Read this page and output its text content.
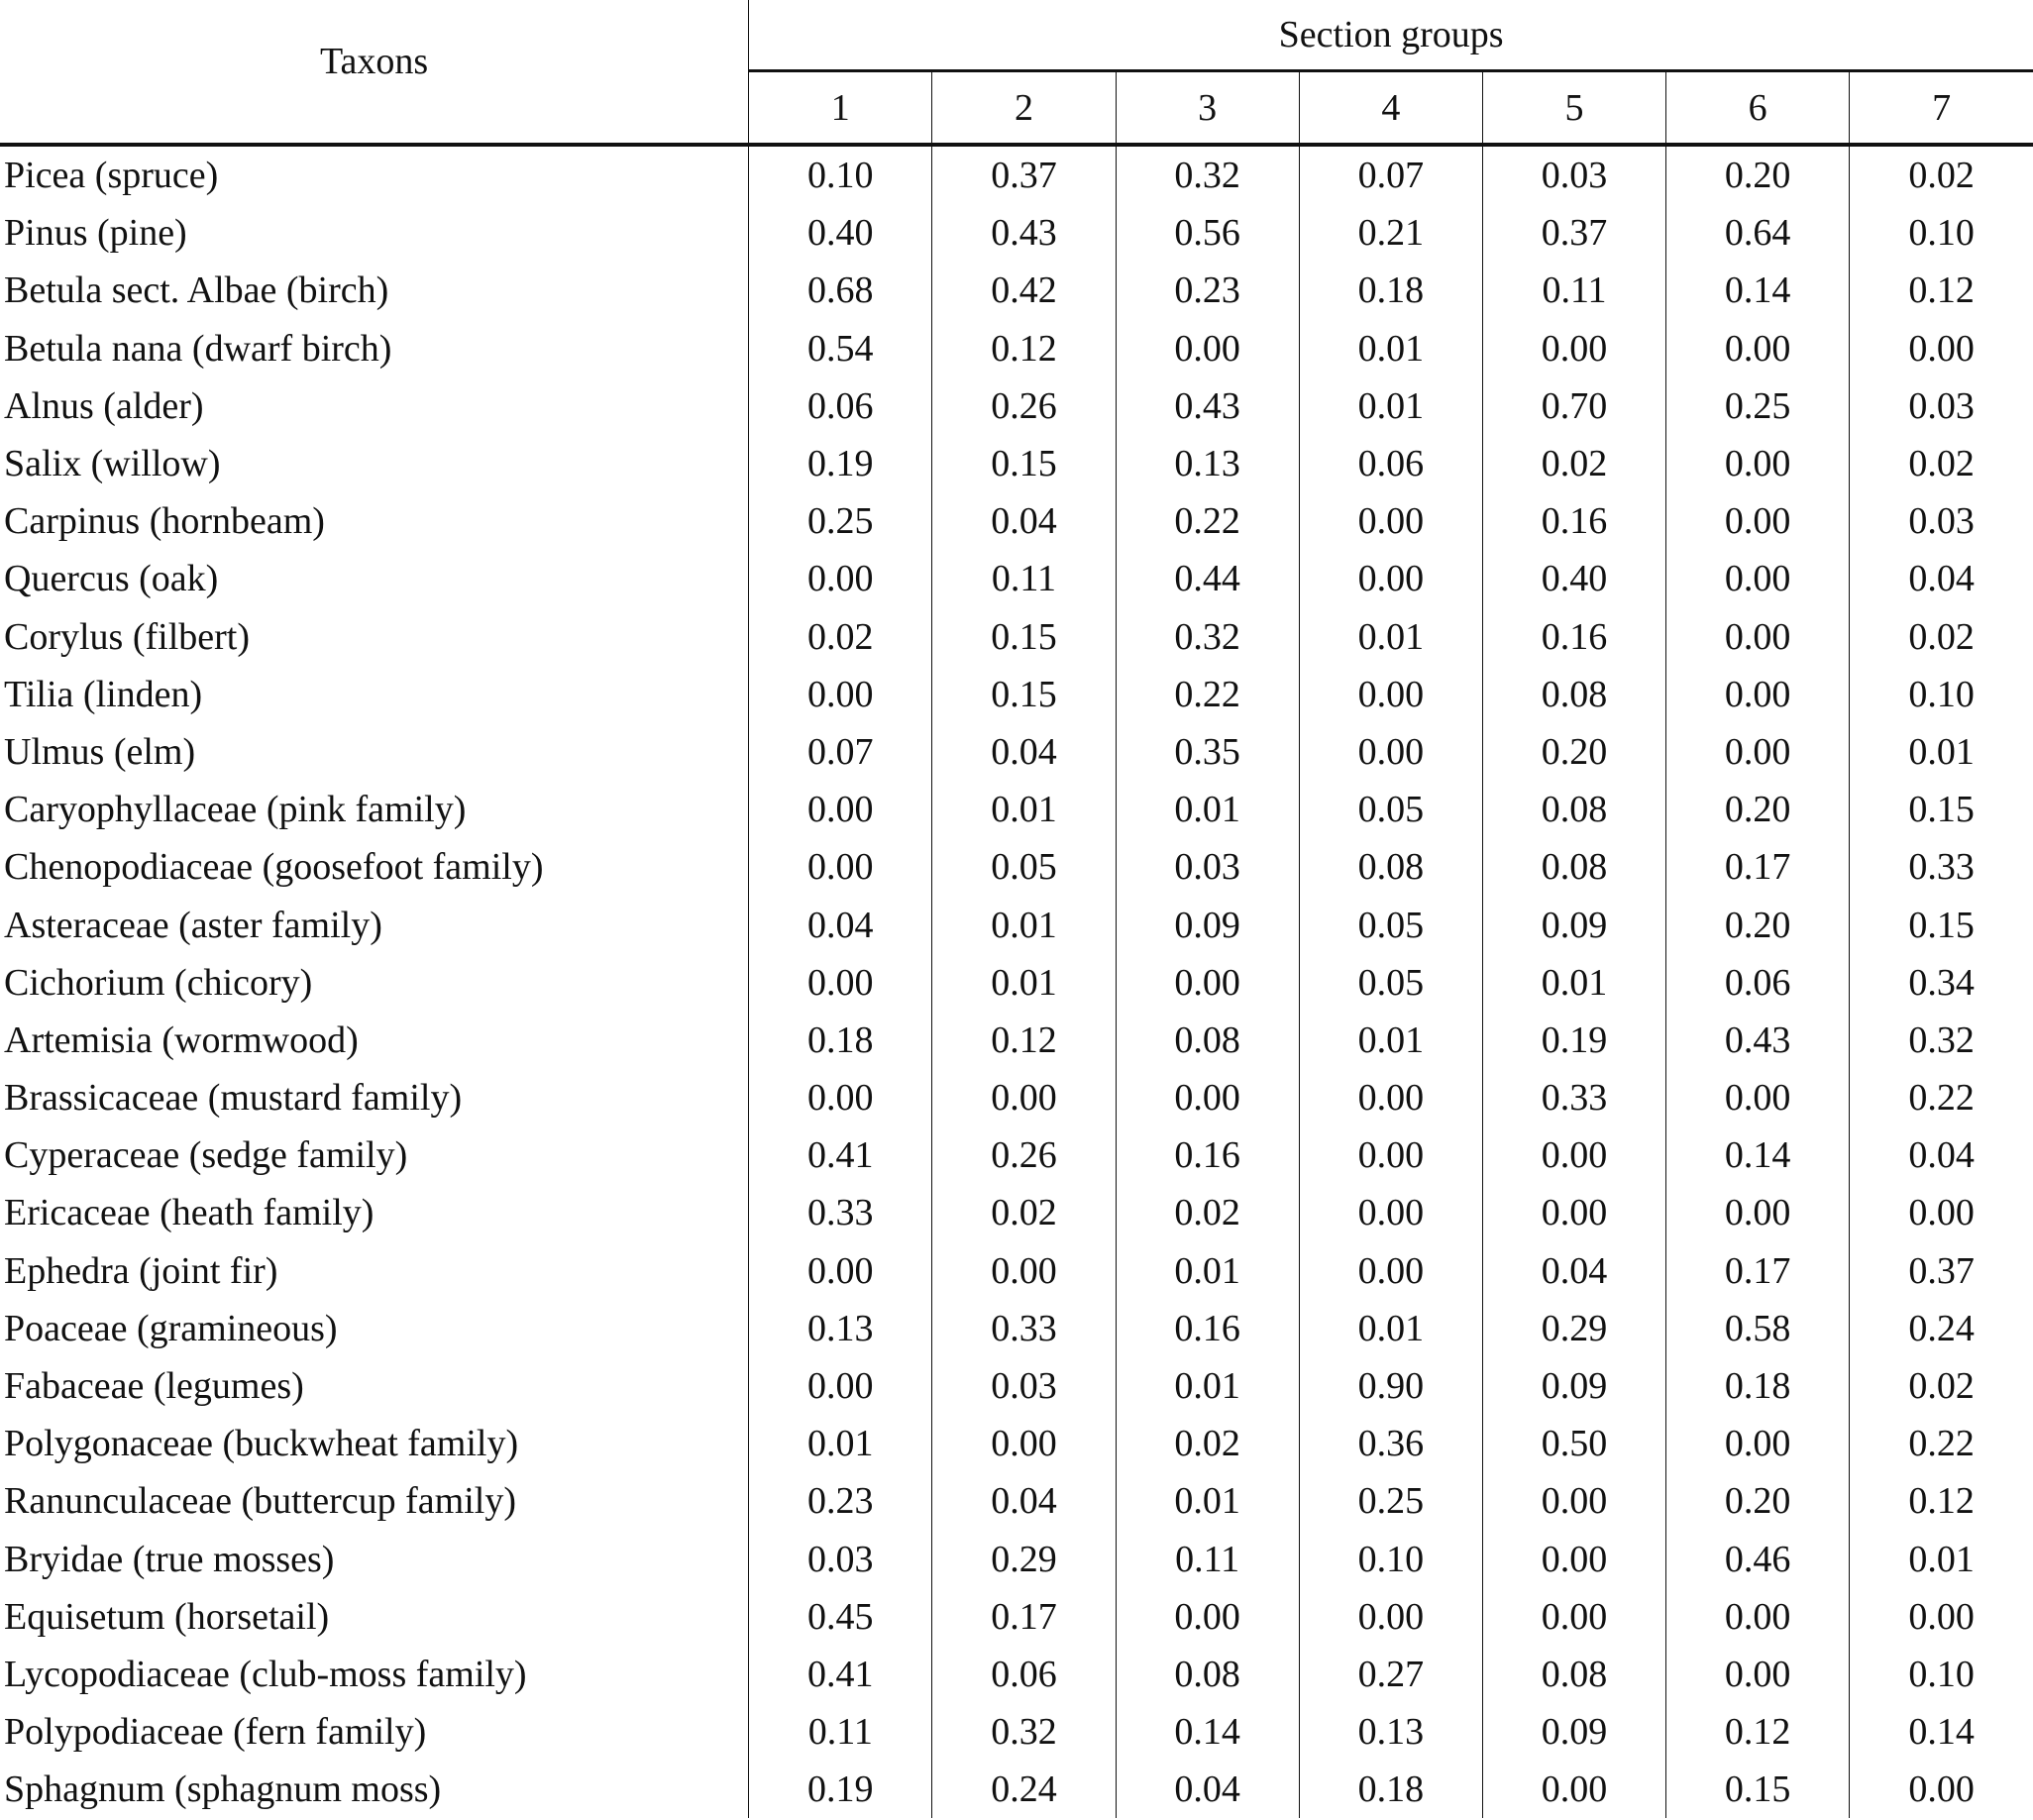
Taxons	Section groups						
	1	2	3	4	5	6	7
Picea (spruce)	0.10	0.37	0.32	0.07	0.03	0.20	0.02
Pinus (pine)	0.40	0.43	0.56	0.21	0.37	0.64	0.10
Betula sect. Albae (birch)	0.68	0.42	0.23	0.18	0.11	0.14	0.12
Betula nana (dwarf birch)	0.54	0.12	0.00	0.01	0.00	0.00	0.00
Alnus (alder)	0.06	0.26	0.43	0.01	0.70	0.25	0.03
Salix (willow)	0.19	0.15	0.13	0.06	0.02	0.00	0.02
Carpinus (hornbeam)	0.25	0.04	0.22	0.00	0.16	0.00	0.03
Quercus (oak)	0.00	0.11	0.44	0.00	0.40	0.00	0.04
Corylus (filbert)	0.02	0.15	0.32	0.01	0.16	0.00	0.02
Tilia (linden)	0.00	0.15	0.22	0.00	0.08	0.00	0.10
Ulmus (elm)	0.07	0.04	0.35	0.00	0.20	0.00	0.01
Caryophyllaceae (pink family)	0.00	0.01	0.01	0.05	0.08	0.20	0.15
Chenopodiaceae (goosefoot family)	0.00	0.05	0.03	0.08	0.08	0.17	0.33
Asteraceae (aster family)	0.04	0.01	0.09	0.05	0.09	0.20	0.15
Cichorium (chicory)	0.00	0.01	0.00	0.05	0.01	0.06	0.34
Artemisia (wormwood)	0.18	0.12	0.08	0.01	0.19	0.43	0.32
Brassicaceae (mustard family)	0.00	0.00	0.00	0.00	0.33	0.00	0.22
Cyperaceae (sedge family)	0.41	0.26	0.16	0.00	0.00	0.14	0.04
Ericaceae (heath family)	0.33	0.02	0.02	0.00	0.00	0.00	0.00
Ephedra (joint fir)	0.00	0.00	0.01	0.00	0.04	0.17	0.37
Poaceae (gramineous)	0.13	0.33	0.16	0.01	0.29	0.58	0.24
Fabaceae (legumes)	0.00	0.03	0.01	0.90	0.09	0.18	0.02
Polygonaceae (buckwheat family)	0.01	0.00	0.02	0.36	0.50	0.00	0.22
Ranunculaceae (buttercup family)	0.23	0.04	0.01	0.25	0.00	0.20	0.12
Bryidae (true mosses)	0.03	0.29	0.11	0.10	0.00	0.46	0.01
Equisetum (horsetail)	0.45	0.17	0.00	0.00	0.00	0.00	0.00
Lycopodiaceae (club-moss family)	0.41	0.06	0.08	0.27	0.08	0.00	0.10
Polypodiaceae (fern family)	0.11	0.32	0.14	0.13	0.09	0.12	0.14
Sphagnum (sphagnum moss)	0.19	0.24	0.04	0.18	0.00	0.15	0.00
